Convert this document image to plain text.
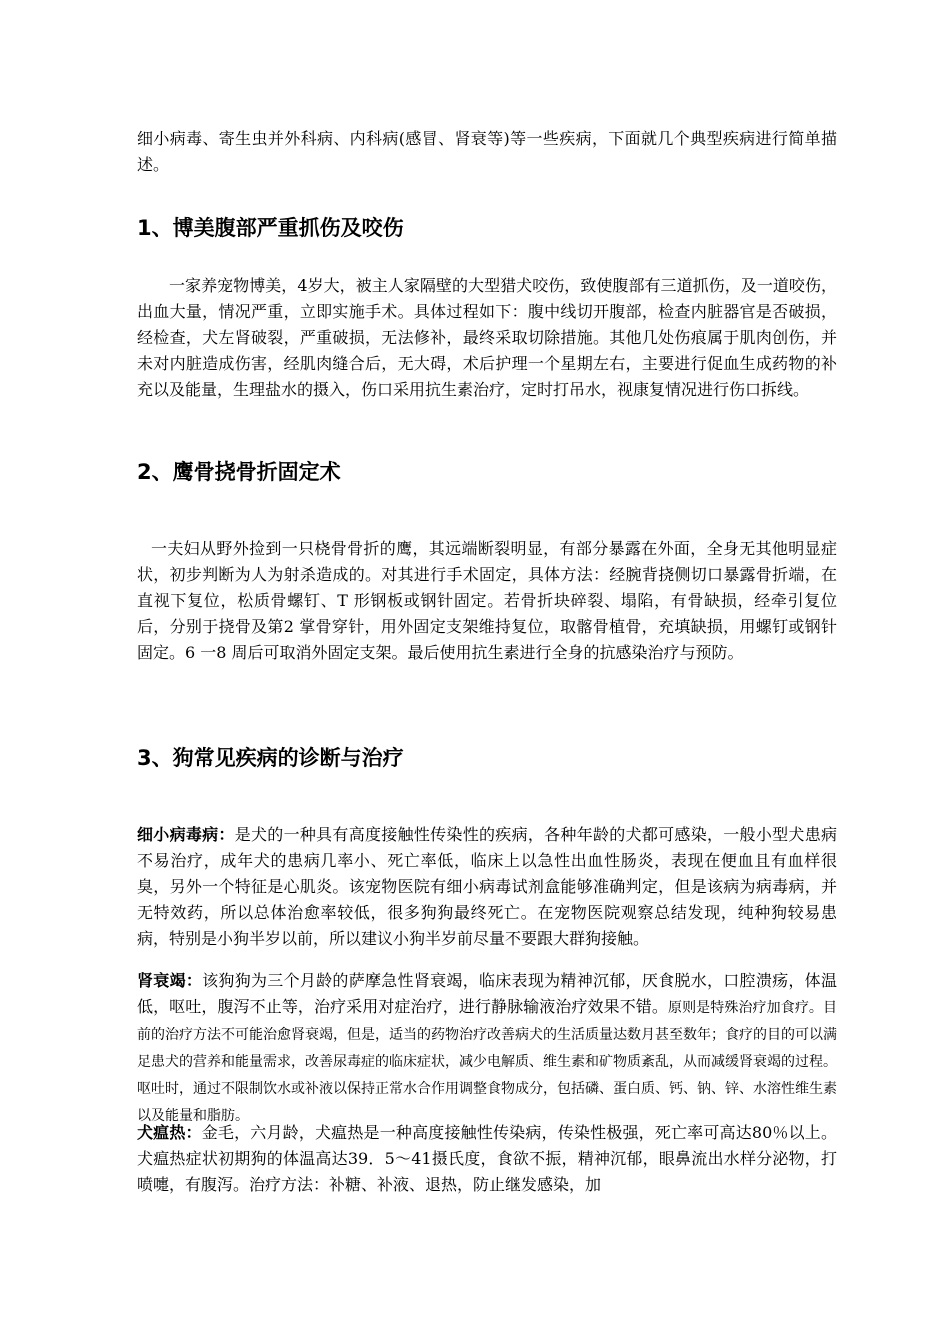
细小病毒、寄生虫并外科病、内科病(感冒、肾衰等)等一些疾病，下面就几个典型疾病进行简单描述。

1、博美腹部严重抓伤及咬伤

一家养宠物博美，4岁大，被主人家隔壁的大型猎犬咬伤，致使腹部有三道抓伤，及一道咬伤，出血大量，情况严重，立即实施手术。具体过程如下：腹中线切开腹部，检查内脏器官是否破损，经检查，犬左肾破裂，严重破损，无法修补，最终采取切除措施。其他几处伤痕属于肌肉创伤，并未对内脏造成伤害，经肌肉缝合后，无大碍，术后护理一个星期左右，主要进行促血生成药物的补充以及能量，生理盐水的摄入，伤口采用抗生素治疗，定时打吊水，视康复情况进行伤口拆线。

2、鹰骨挠骨折固定术

一夫妇从野外捡到一只桡骨骨折的鹰，其远端断裂明显，有部分暴露在外面，全身无其他明显症状，初步判断为人为射杀造成的。对其进行手术固定，具体方法：经腕背挠侧切口暴露骨折端，在直视下复位，松质骨螺钉、T 形钢板或钢针固定。若骨折块碎裂、塌陷，有骨缺损，经牵引复位后，分别于挠骨及第2 掌骨穿针，用外固定支架维持复位，取髂骨植骨，充填缺损，用螺钉或钢针固定。6 一8 周后可取消外固定支架。最后使用抗生素进行全身的抗感染治疗与预防。

3、狗常见疾病的诊断与治疗

细小病毒病：是犬的一种具有高度接触性传染性的疾病，各种年龄的犬都可感染，一般小型犬患病不易治疗，成年犬的患病几率小、死亡率低，临床上以急性出血性肠炎，表现在便血且有血样很臭，另外一个特征是心肌炎。该宠物医院有细小病毒试剂盒能够准确判定，但是该病为病毒病，并无特效药，所以总体治愈率较低，很多狗狗最终死亡。在宠物医院观察总结发现，纯种狗较易患病，特别是小狗半岁以前，所以建议小狗半岁前尽量不要跟大群狗接触。

肾衰竭：该狗狗为三个月龄的萨摩急性肾衰竭，临床表现为精神沉郁，厌食脱水，口腔溃疡，体温低，呕吐，腹泻不止等，治疗采用对症治疗，进行静脉输液治疗效果不错。原则是特殊治疗加食疗。目前的治疗方法不可能治愈肾衰竭，但是，适当的药物治疗改善病犬的生活质量达数月甚至数年；食疗的目的可以满足患犬的营养和能量需求，改善尿毒症的临床症状，减少电解质、维生素和矿物质紊乱，从而减缓肾衰竭的过程。呕吐时，通过不限制饮水或补液以保持正常水合作用调整食物成分，包括磷、蛋白质、钙、钠、锌、水溶性维生素以及能量和脂肪。

犬瘟热：金毛，六月龄，犬瘟热是一种高度接触性传染病，传染性极强，死亡率可高达80％以上。犬瘟热症状初期狗的体温高达39．5～41摄氏度，食欲不振，精神沉郁，眼鼻流出水样分泌物，打喷嚏，有腹泻。治疗方法：补糖、补液、退热，防止继发感染，加
